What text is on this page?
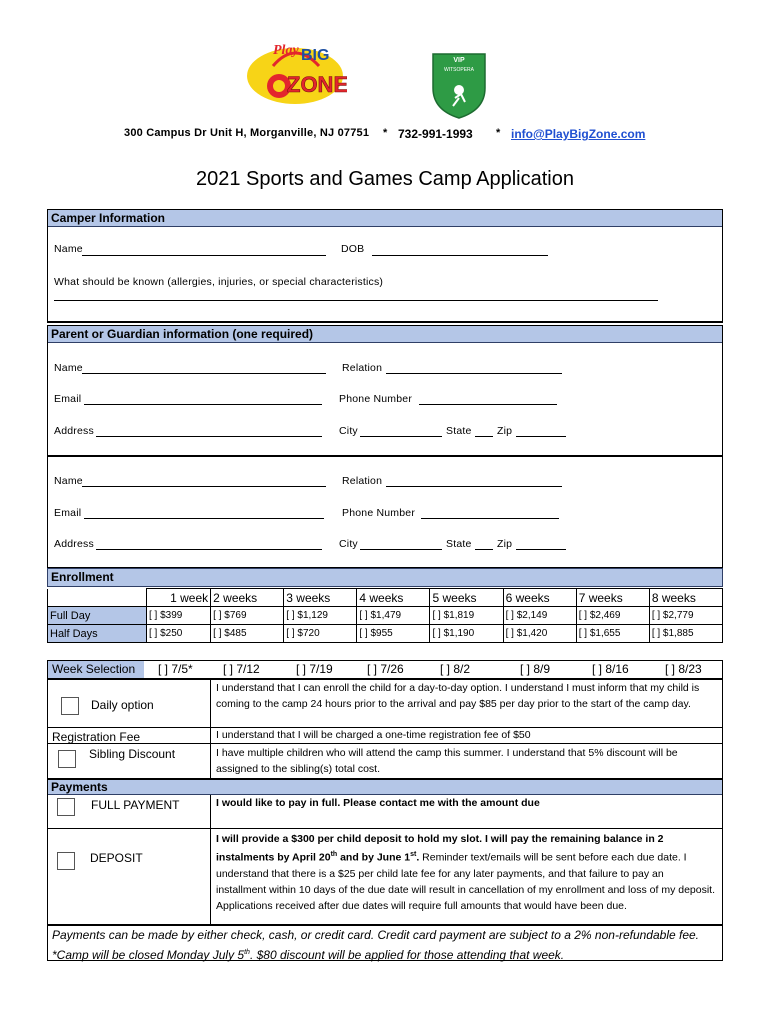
Play BIG
ZONE
VIP
WITSOPERA
300 Campus Dr Unit H, Morganville, NJ 07751 * 732-991-1993 * info@PlayBigZone.com
2021 Sports and Games Camp Application
Camper Information
Name	DOB
What should be known (allergies, injuries, or special characteristics)
Parent or Guardian information (one required)
Name	Relation
Email	Phone Number
Address	City	State Zip
Name	Relation
Email	Phone Number
Address	City	State Zip
Enrollment
	1 week	2 weeks	3 weeks	4 weeks	5 weeks	6 weeks	7 weeks	8 weeks
Full Day	[ ] $399	[ ] $769	[ ] $1,129	[ ] $1,479	[ ] $1,819	[ ] $2,149	[ ] $2,469	[ ] $2,779
Half Days	[ ] $250	[ ] $485	[ ] $720	[ ] $955	[ ] $1,190	[ ] $1,420	[ ] $1,655	[ ] $1,885
Week Selection [ ] 7/5*	[ ] 7/12	[ ] 7/19	[ ] 7/26	[ ] 8/2	[ ] 8/9	[ ] 8/16	[ ] 8/23
Daily option
I understand that I can enroll the child for a day-to-day option. I understand I must inform that my child is coming to the camp 24 hours prior to the arrival and pay $85 per day prior to the start of the camp day.
Registration Fee	I understand that I will be charged a one-time registration fee of $50
Sibling Discount	I have multiple children who will attend the camp this summer. I understand that 5% discount will be assigned to the sibling(s) total cost.
Payments
FULL PAYMENT	I would like to pay in full. Please contact me with the amount due
DEPOSIT
I will provide a $300 per child deposit to hold my slot. I will pay the remaining balance in 2 instalments by April 20th and by June 1st. Reminder text/emails will be sent before each due date. I understand that there is a $25 per child late fee for any later payments, and that failure to pay an installment within 10 days of the due date will result in cancellation of my enrollment and loss of my deposit. Applications received after due dates will require full amounts that would have been due.
Payments can be made by either check, cash, or credit card. Credit card payment are subject to a 2% non-refundable fee. *Camp will be closed Monday July 5th. $80 discount will be applied for those attending that week.
